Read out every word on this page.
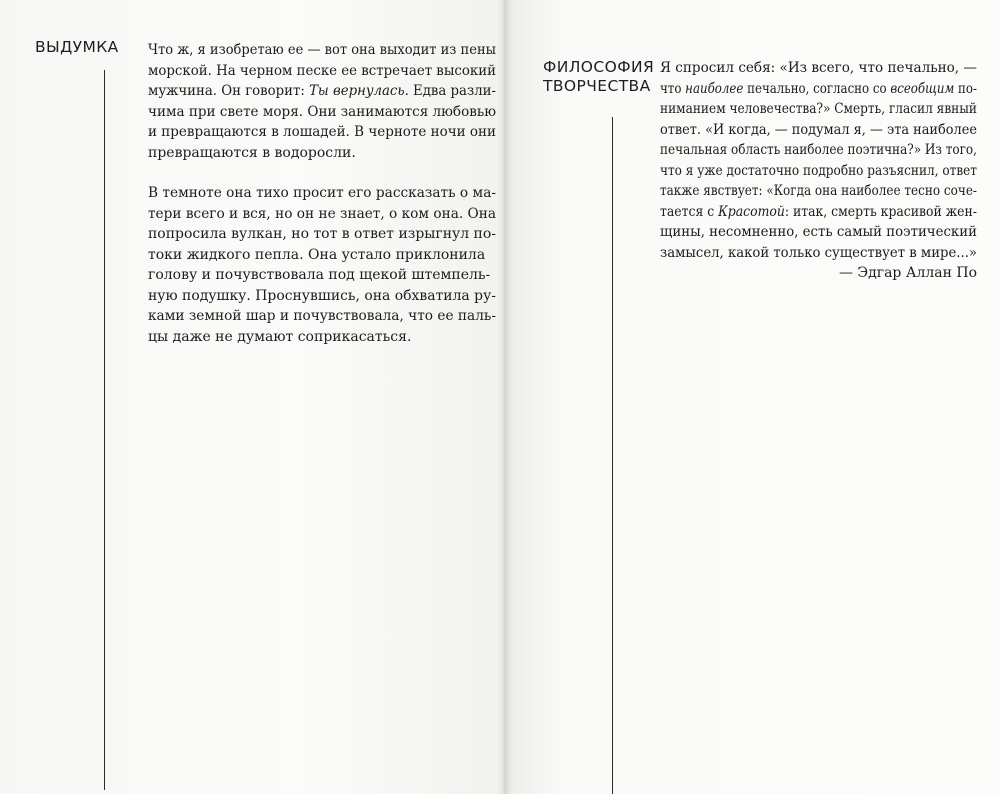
ВЫДУМКА Что ж, я изобретаю ее — вот она выходит из пены
морской. На черном песке ее встречает высокий
мужчина. Он говорит: Ты вернулась. Едва разли-
чима при свете моря. Они занимаются любовью
и превращаются в лошадей. В черноте ночи они
превращаются в водоросли.
В темноте она тихо просит его рассказать о ма-
тери всего и вся, но он не знает, о ком она. Она
попросила вулкан, но тот в ответ изрыгнул по-
токи жидкого пепла. Она устало приклонила
голову и почувствовала под щекой штемпель-
ную подушку. Проснувшись, она обхватила ру-
ками земной шар и почувствовала, что ее паль-
цы даже не думают соприкасаться.
ФИЛОСОФИЯ
ТВОРЧЕСТВА
Я спросил себя: «Из всего, что печально, —
что наиболее печально, согласно со всеобщим по-
ниманием человечества?» Смерть, гласил явный
ответ. «И когда, — подумал я, — эта наиболее
печальная область наиболее поэтична?» Из того,
что я уже достаточно подробно разъяснил, ответ
также явствует: «Когда она наиболее тесно соче-
тается с Красотой: итак, смерть красивой жен-
щины, несомненно, есть самый поэтический
замысел, какой только существует в мире...»
— Эдгар Аллан По
